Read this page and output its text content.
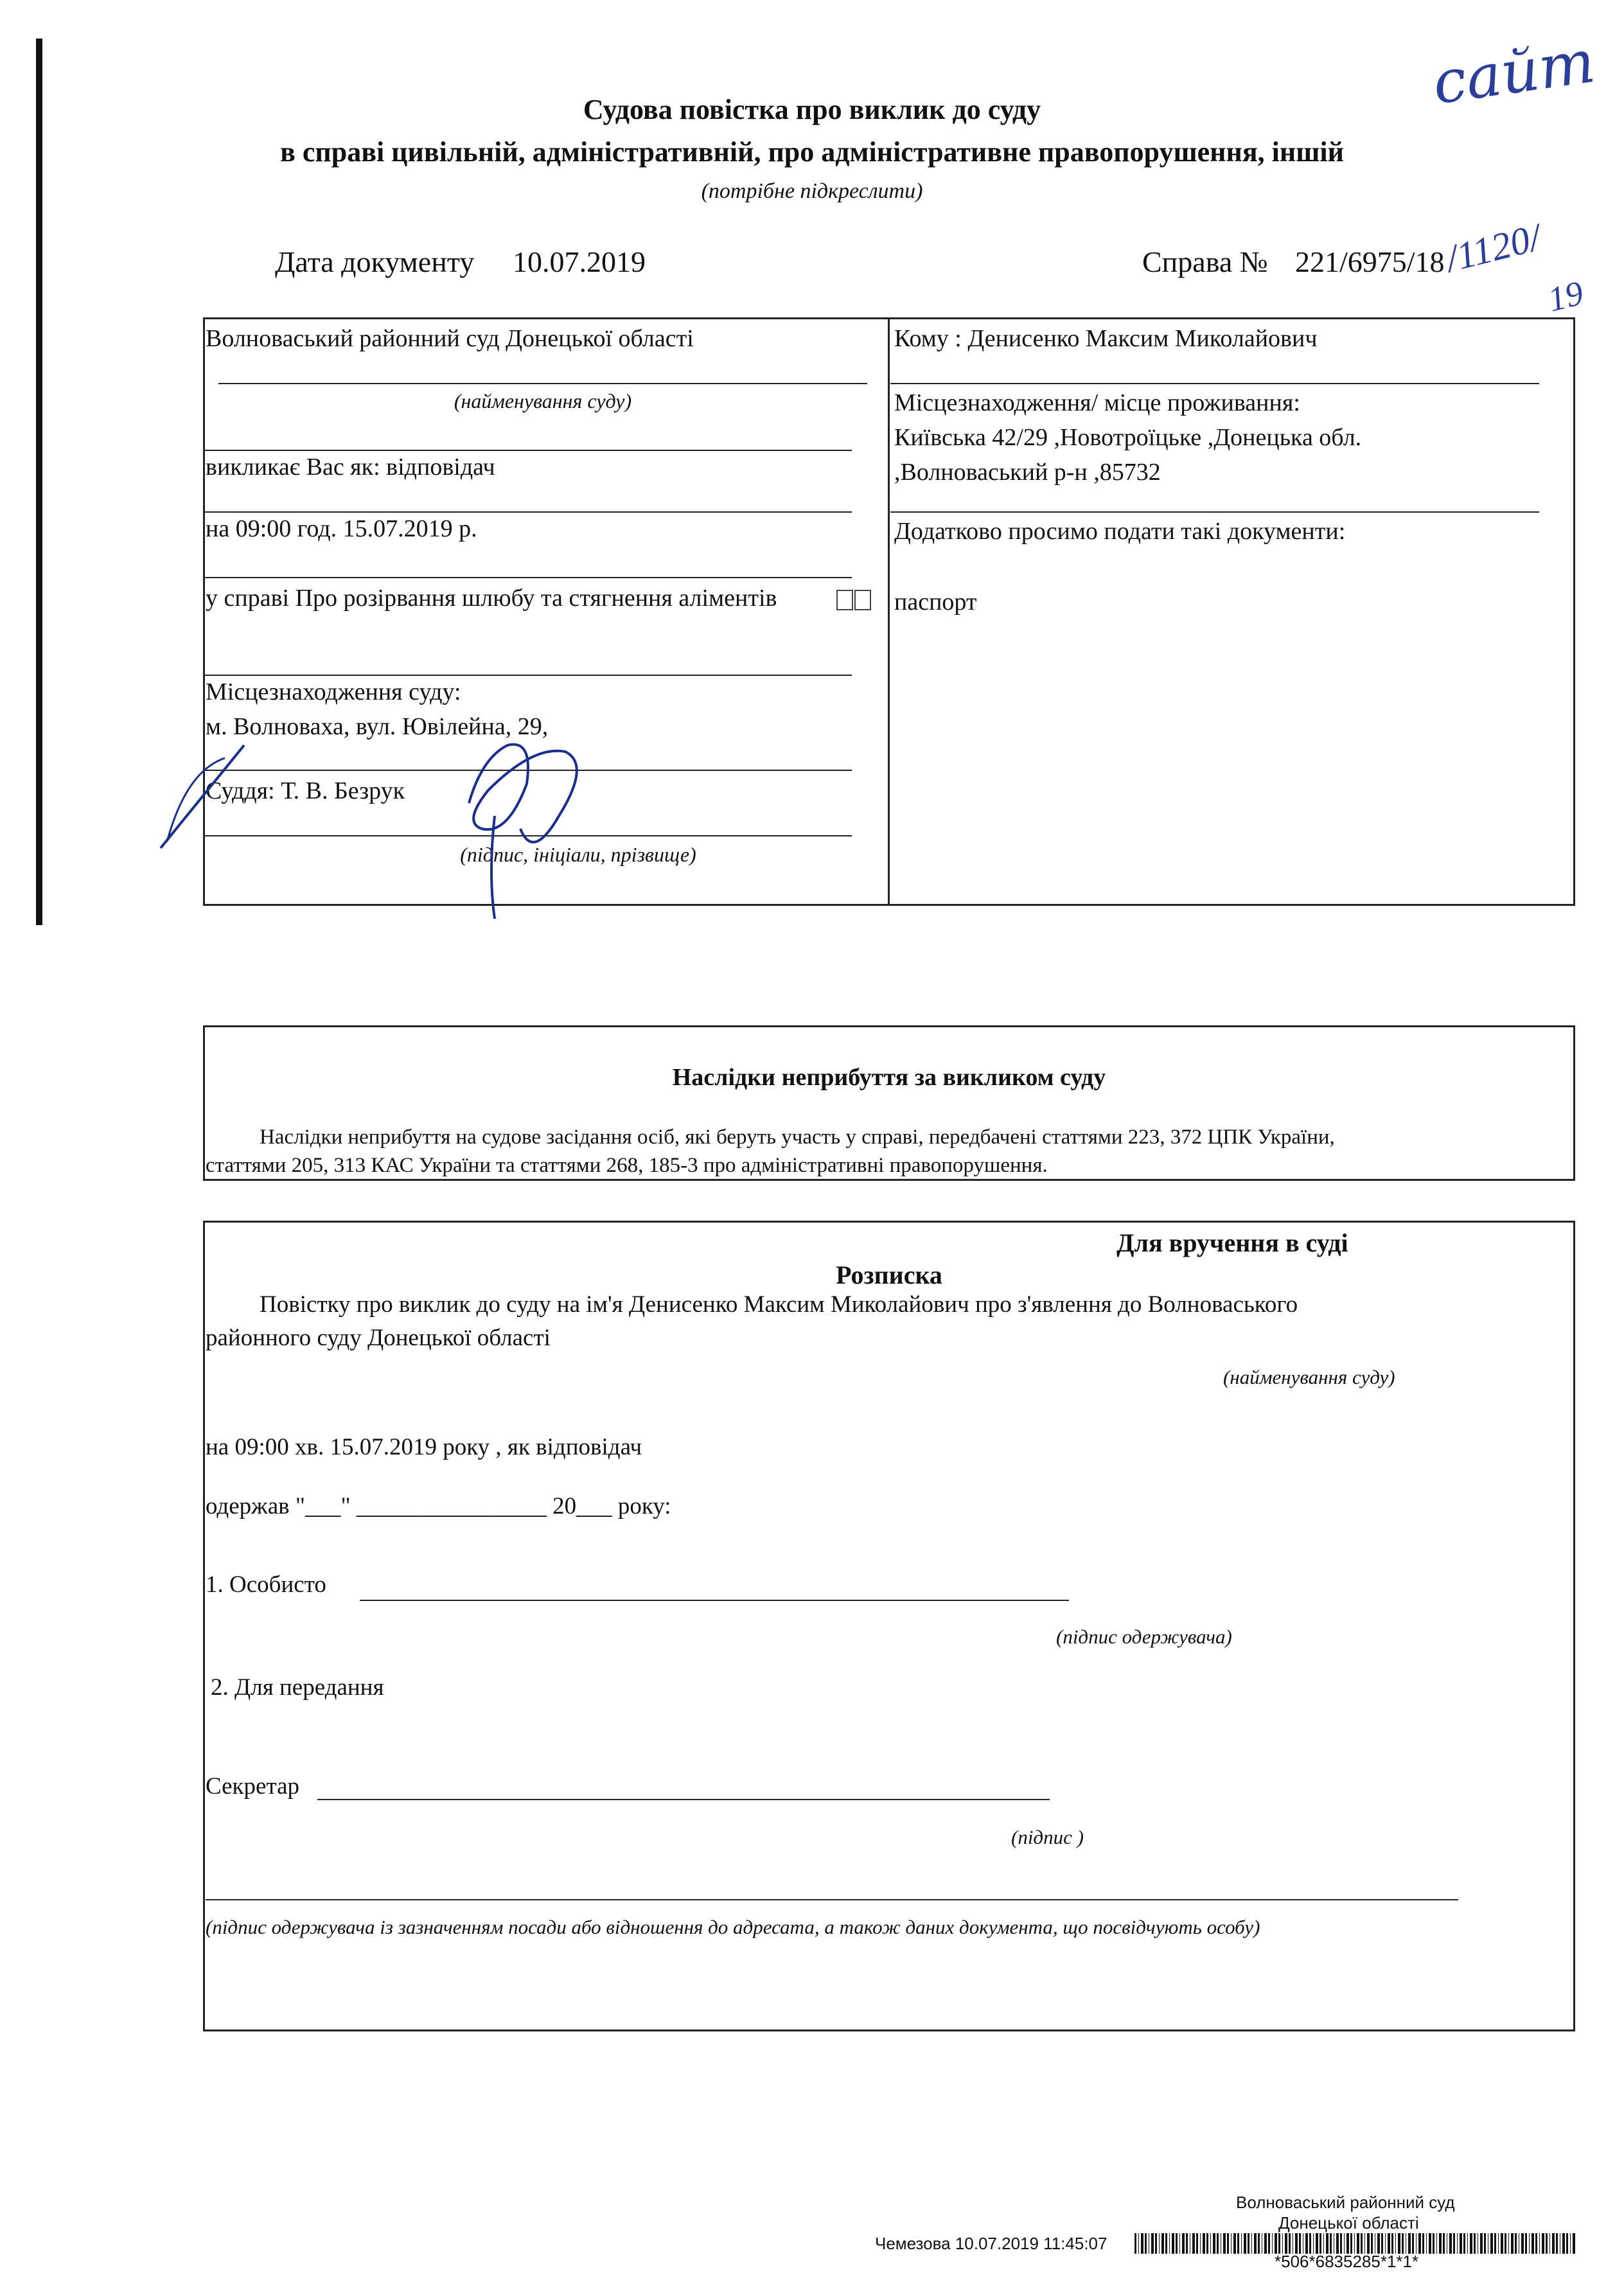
сайт
Судова повістка про виклик до суду
в справі цивільній, адміністративній, про адміністративне правопорушення, іншій
(потрібне підкреслити)
Дата документу 10.07.2019	Справа № 221/6975/18
/1120/
19
Волноваський районний суд Донецької області
(найменування суду)
викликає Вас як: відповідач
на 09:00 год. 15.07.2019 р.
у справі Про розірвання шлюбу та стягнення аліментів
Місцезнаходження суду:
м. Волноваха, вул. Ювілейна, 29,
Суддя: Т. В. Безрук
(підпис, ініціали, прізвище)
Кому : Денисенко Максим Миколайович
Місцезнаходження/ місце проживання:
Київська 42/29 ,Новотроїцьке ,Донецька обл.
,Волноваський р-н ,85732
Додатково просимо подати такі документи:
паспорт
Наслідки неприбуття за викликом суду
Наслідки неприбуття на судове засідання осіб, які беруть участь у справі, передбачені статтями 223, 372 ЦПК України,
статтями 205, 313 КАС України та статтями 268, 185-3 про адміністративні правопорушення.
Для вручення в суді
Розписка
Повістку про виклик до суду на ім'я Денисенко Максим Миколайович про з'явлення до Волноваського
районного суду Донецької області
(найменування суду)
на 09:00 хв. 15.07.2019 року , як відповідач
одержав "___" ________________ 20___ року:
1. Особисто
(підпис одержувача)
2. Для передання
Секретар
(підпис )
(підпис одержувача із зазначенням посади або відношення до адресата, а також даних документа, що посвідчують особу)
Волноваський районний суд
Донецької області
Чемезова 10.07.2019 11:45:07
*506*6835285*1*1*
